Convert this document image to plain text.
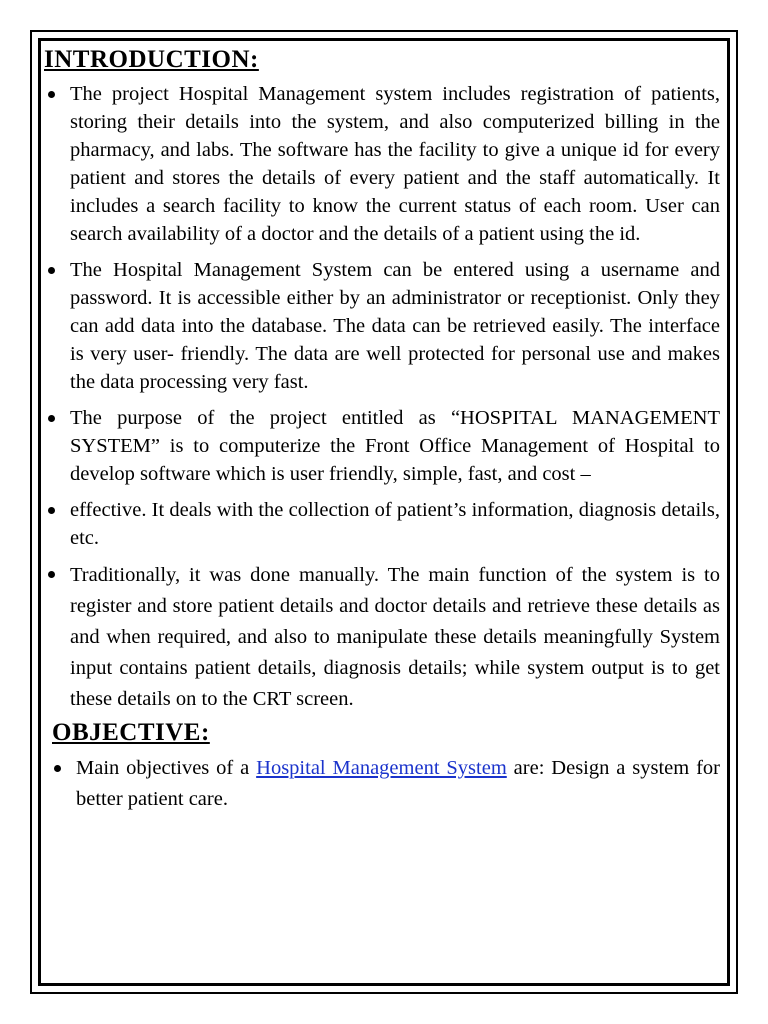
INTRODUCTION:
The project Hospital Management system includes registration of patients, storing their details into the system, and also computerized billing in the pharmacy, and labs. The software has the facility to give a unique id for every patient and stores the details of every patient and the staff automatically. It includes a search facility to know the current status of each room. User can search availability of a doctor and the details of a patient using the id.
The Hospital Management System can be entered using a username and password. It is accessible either by an administrator or receptionist. Only they can add data into the database. The data can be retrieved easily. The interface is very user- friendly. The data are well protected for personal use and makes the data processing very fast.
The purpose of the project entitled as “HOSPITAL MANAGEMENT SYSTEM” is to computerize the Front Office Management of Hospital to develop software which is user friendly, simple, fast, and cost –
effective. It deals with the collection of patient’s information, diagnosis details, etc.
Traditionally, it was done manually. The main function of the system is to register and store patient details and doctor details and retrieve these details as and when required, and also to manipulate these details meaningfully System input contains patient details, diagnosis details; while system output is to get these details on to the CRT screen.
OBJECTIVE:
Main objectives of a Hospital Management System are: Design a system for better patient care.
